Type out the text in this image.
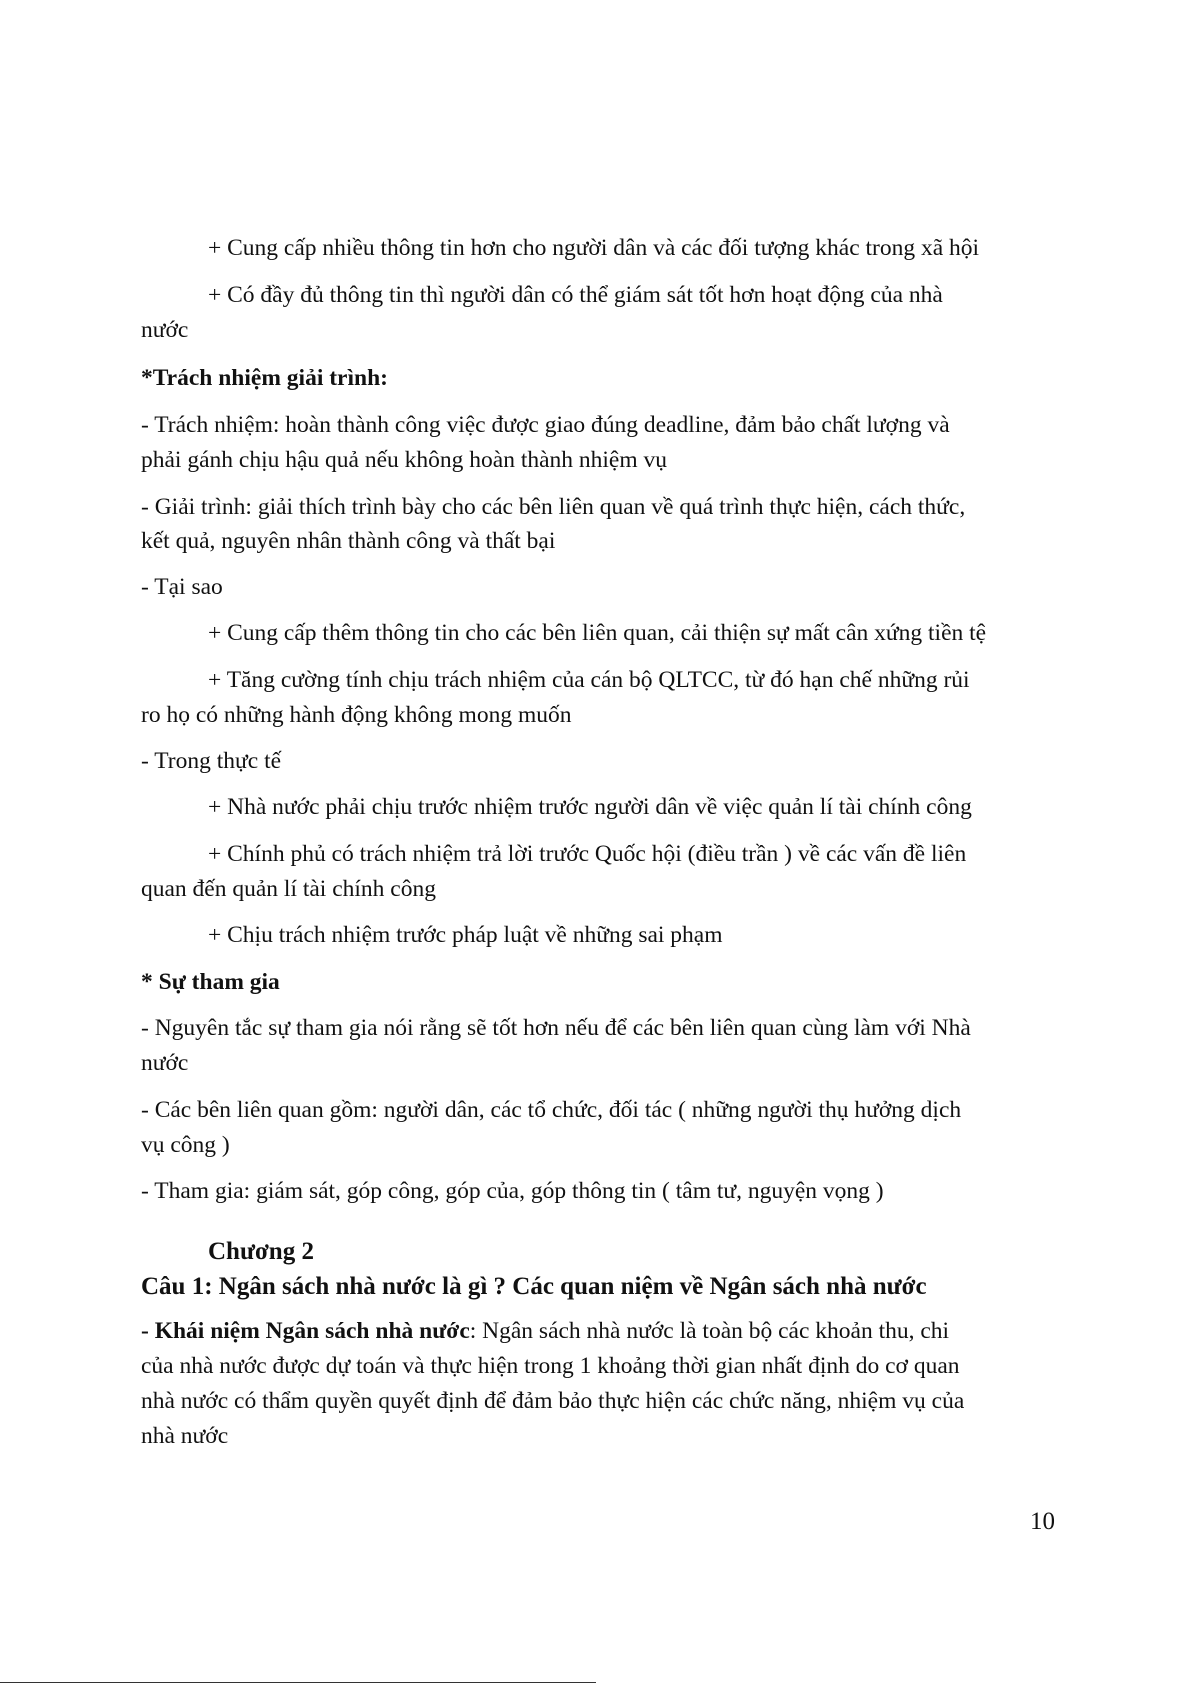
+ Cung cấp nhiều thông tin hơn cho người dân và các đối tượng khác trong xã hội

+ Có đầy đủ thông tin thì người dân có thể giám sát tốt hơn hoạt động của nhà

nước

*Trách nhiệm giải trình:

- Trách nhiệm: hoàn thành công việc được giao đúng deadline, đảm bảo chất lượng và

phải gánh chịu hậu quả nếu không hoàn thành nhiệm vụ

- Giải trình: giải thích trình bày cho các bên liên quan về quá trình thực hiện, cách thức,

kết quả, nguyên nhân thành công và thất bại

- Tại sao

+ Cung cấp thêm thông tin cho các bên liên quan, cải thiện sự mất cân xứng tiền tệ

+ Tăng cường tính chịu trách nhiệm của cán bộ QLTCC, từ đó hạn chế những rủi

ro họ có những hành động không mong muốn

- Trong thực tế

+ Nhà nước phải chịu trước nhiệm trước người dân về việc quản lí tài chính công

+ Chính phủ có trách nhiệm trả lời trước Quốc hội (điều trần ) về các vấn đề liên

quan đến quản lí tài chính công

+ Chịu trách nhiệm trước pháp luật về những sai phạm

* Sự tham gia

- Nguyên tắc sự tham gia nói rằng sẽ tốt hơn nếu để các bên liên quan cùng làm với Nhà

nước

- Các bên liên quan gồm: người dân, các tổ chức, đối tác ( những người thụ hưởng dịch

vụ công )

- Tham gia: giám sát, góp công, góp của, góp thông tin ( tâm tư, nguyện vọng )

Chương 2

Câu 1: Ngân sách nhà nước là gì ? Các quan niệm về Ngân sách nhà nước

- Khái niệm Ngân sách nhà nước: Ngân sách nhà nước là toàn bộ các khoản thu, chi

của nhà nước được dự toán và thực hiện trong 1 khoảng thời gian nhất định do cơ quan

nhà nước có thẩm quyền quyết định để đảm bảo thực hiện các chức năng, nhiệm vụ của

nhà nước

10
